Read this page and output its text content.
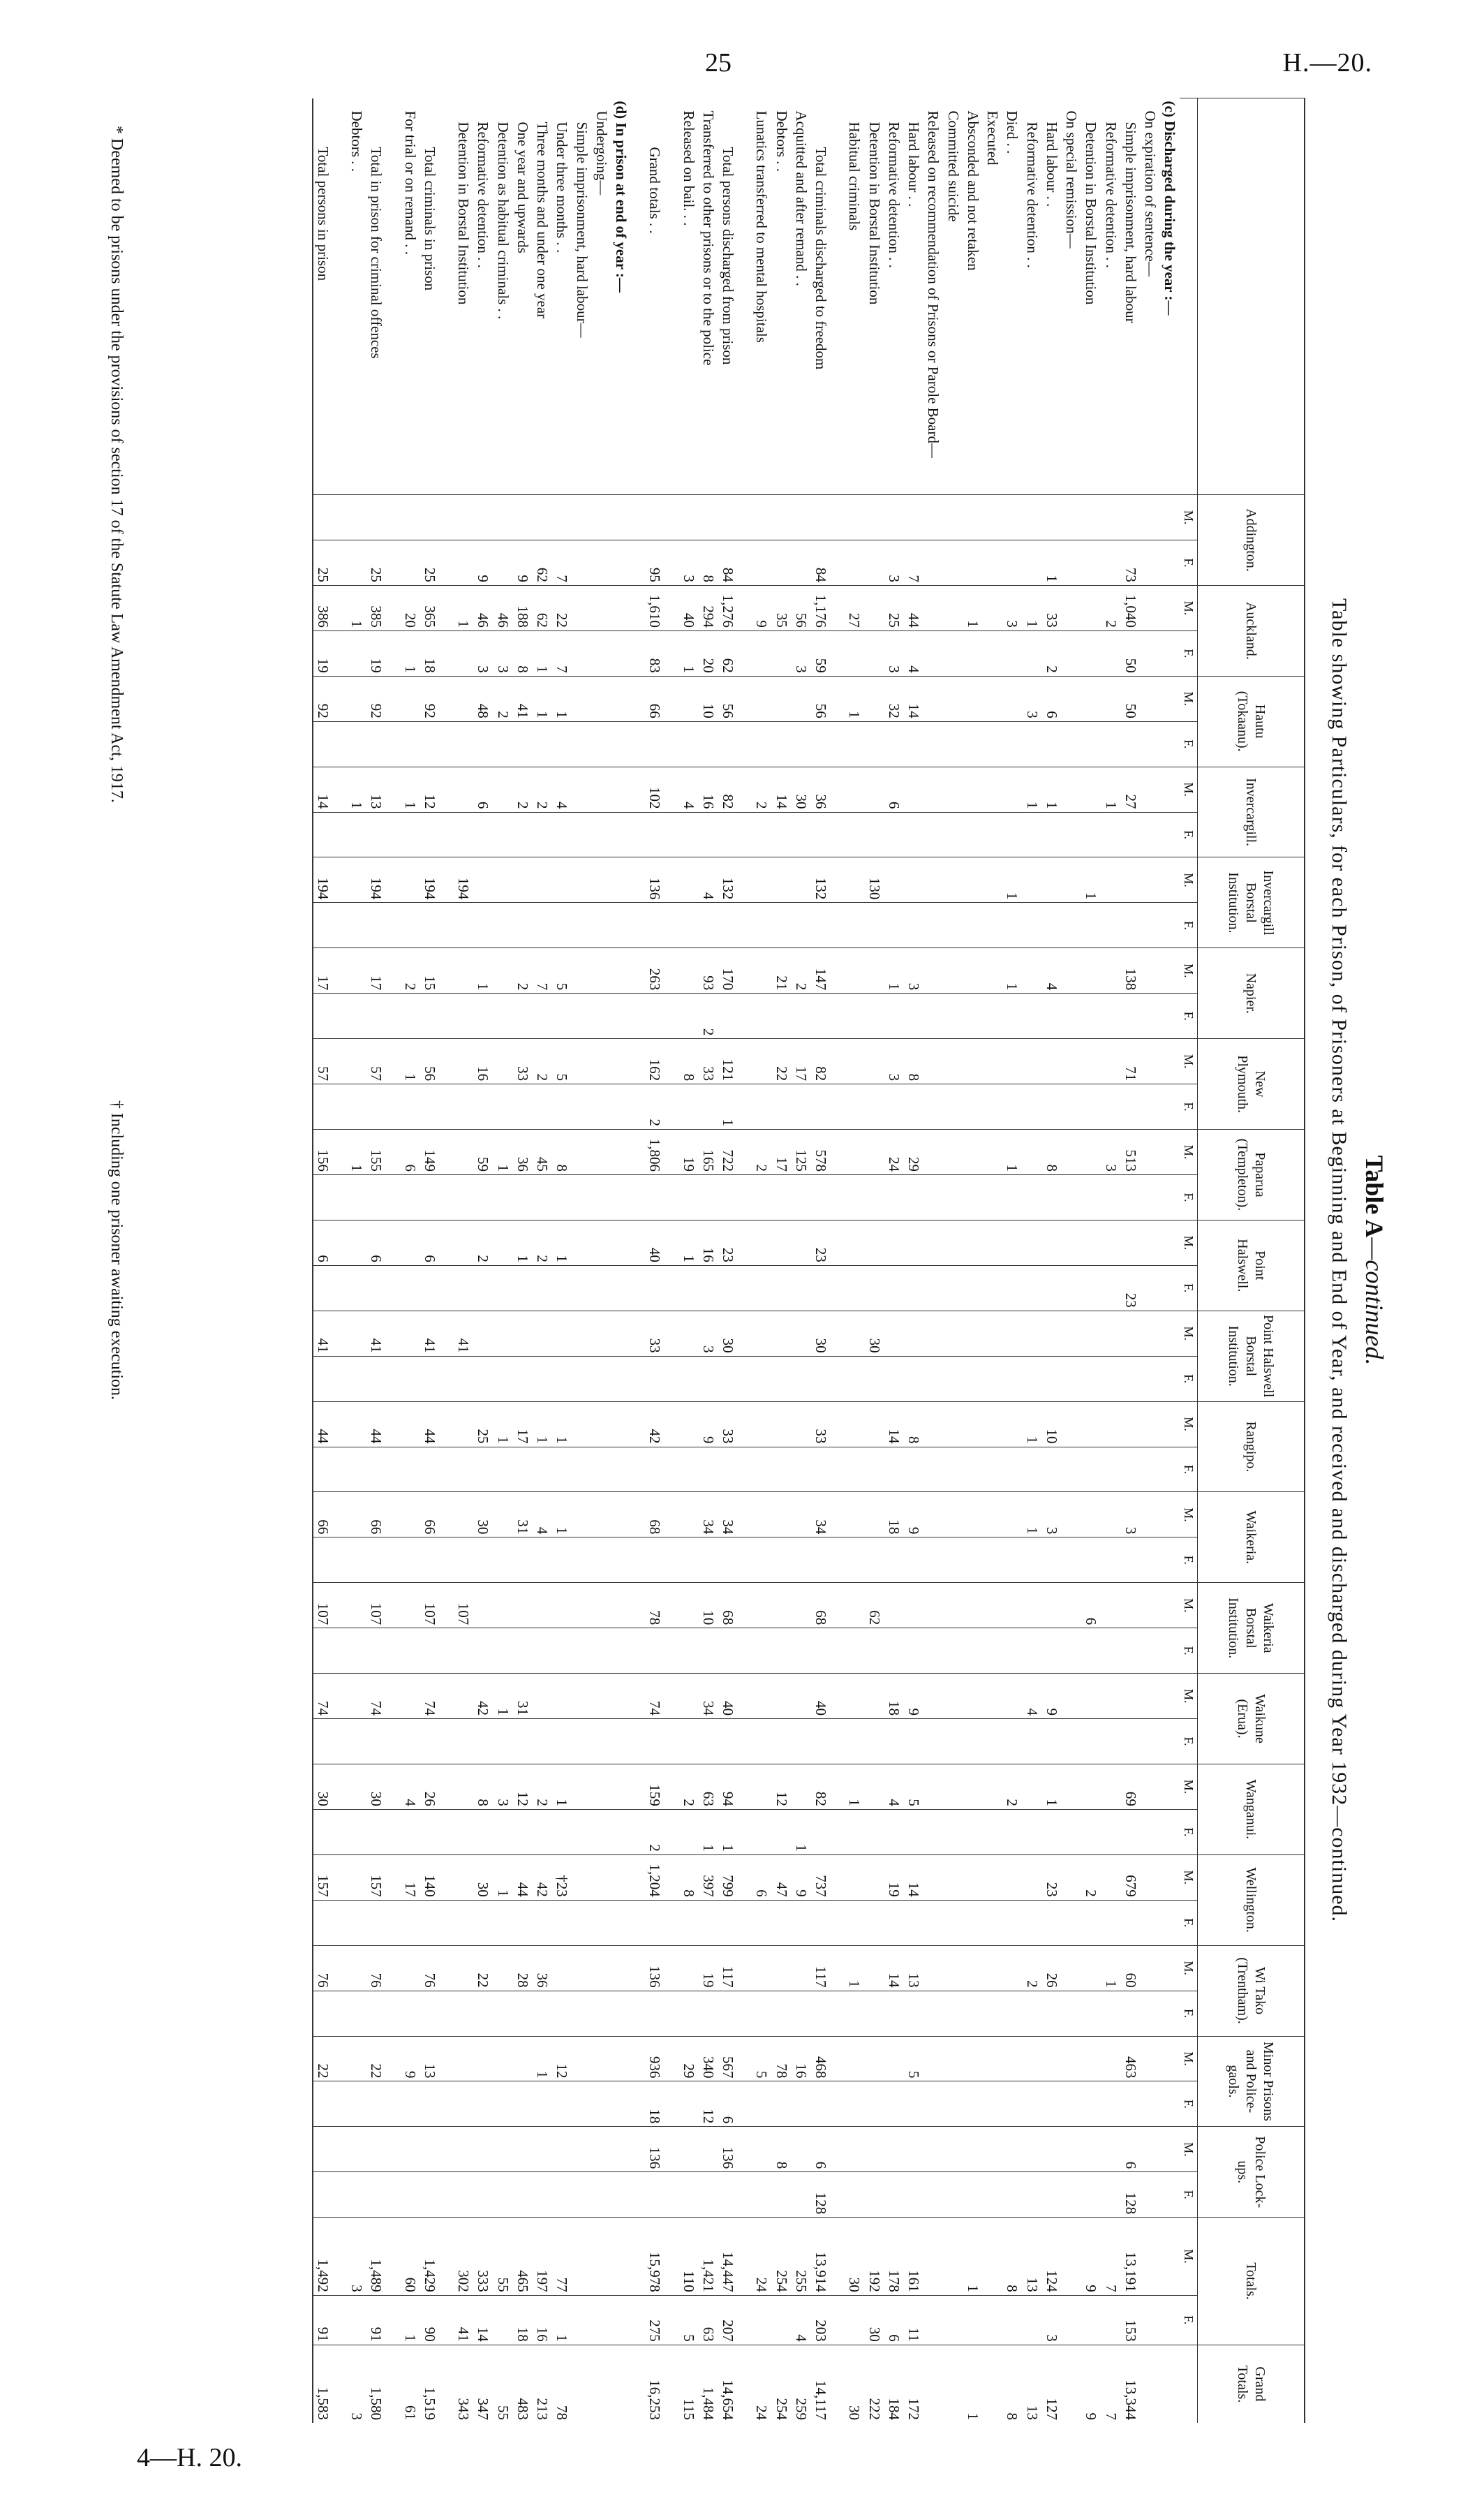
25	H.—20.
Table A—continued.
Table showing Particulars, for each Prison, of Prisoners at Beginning and End of Year, and received and discharged during Year 1932—continued.
	Addington.		Auckland.		Hautu (Tokaanu).		Invercargill.		Invercargill Borstal Institution.		Napier.		New Plymouth.		Paparua (Templeton).		Point Halswell.		Point Halswell Borstal Institution.		Rangipo.		Waikeria.		Waikeria Borstal Institution.		Waikune (Erua).		Wanganui.		Wellington.		Wi Tako (Trentham).		Minor Prisons and Police-gaols.		Police Lock-ups.		Totals.		Grand Totals.
	M.	F.	M.	F.	M.	F.	M.	F.	M.	F.	M.	F.	M.	F.	M.	F.	M.	F.	M.	F.	M.	F.	M.	F.	M.	F.	M.	F.	M.	F.	M.	F.	M.	F.	M.	F.	M.	F.	M.	F.	
(c) Discharged during the year :—																																									
On expiration of sentence—																																									
Simple imprisonment, hard labour		73	1,040	50	50		27				138		71		513			23					3						69		679		60		463		6	128	13,191	153	13,344
Reformative detention . .			2				1								3																		1						7		7
Detention in Borstal Institution									1																6						2								9		9
On special remission—																																									
Hard labour . .		1	33	2	6		1				4				8						10		3				9		1		23		26						124	3	127
Reformative detention . .			1		3		1														1		1				4						2						13		13
Died . .			3						1		1				1														2										8		8
Executed																																									
Absconded and not retaken			1																																				1		1
Committed suicide																																									
Released on recommendation of Prisons or Parole Board—																																									
Hard labour . .		7	44	4	14						3		8		29						8		9				9		5		14		13		5				161	11	172
Reformative detention . .		3	25	3	32		6				1		3		24						14		18				18		4		19		14						178	6	184
Detention in Borstal Institution									130										30						62														192	30	222
Habitual criminals			27		1																								1				1						30		30

Total criminals discharged to freedom		84	1,176	59	56		36		132		147		82		578		23		30		33		34		68		40		82		737		117		468		6	128	13,914	203	14,117
Acquitted and after remand . .			56	3			30				2		17		125															1	9				16				255	4	259
Debtors . .			35				14				21		22		17														12		47				78		8		254		254
Lunatics transferred to mental hospitals			9				2								2																6				5				24		24

Total persons discharged from prison		84	1,276	62	56		82		132		170		121	1	722		23		30		33		34		68		40		94	1	799		117		567	6	136		14,447	207	14,654
Transferred to other prisons or to the police		8	294	20	10		16		4		93	2	33		165		16		3		9		34		10		34		63	1	397		19		340	12			1,421	63	1,484
Released on bail. . .		3	40	1			4						8		19		1												2		8				29				110	5	115

Grand totals . .		95	1,610	83	66		102		136		263		162	2	1,806		40		33		42		68		78		74		159	2	1,204		136		936	18	136		15,978	275	16,253

(d) In prison at end of year :—																																									
Undergoing—																																									
Simple imprisonment, hard labour—																																									
Under three months . .		7	22	7	1		4				5		5		8		1				1		1						1		†23				12				77	1	78
Three months and under one year		62	62	1	1		2				7		2		45		2				1		4						2		42		36		1				197	16	213
One year and upwards		9	188	8	41		2				2		33		36		1				17		31				31		12		44		28						465	18	483
Detention as habitual criminals . .			46	3	2										1						1						1		3		1								55		55
Reformative detention . .		9	46	3	48		6				1		16		59		2				25		30				42		8		30		22						333	14	347
Detention in Borstal Institution			1						194										41						107														302	41	343

Total criminals in prison		25	365	18	92		12		194		15		56		149		6		41		44		66		107		74		26		140		76		13				1,429	90	1,519
For trial or on remand . .			20	1			1				2		1		6														4		17				9				60	1	61

Total in prison for criminal offences		25	385	19	92		13		194		17		57		155		6		41		44		66		107		74		30		157		76		22				1,489	91	1,580
Debtors . .			1				1								1																								3		3

Total persons in prison		25	386	19	92		14		194		17		57		156		6		41		44		66		107		74		30		157		76		22				1,492	91	1,583
* Deemed to be prisons under the provisions of section 17 of the Statute Law Amendment Act, 1917. † Including one prisoner awaiting execution.
4—H. 20.
